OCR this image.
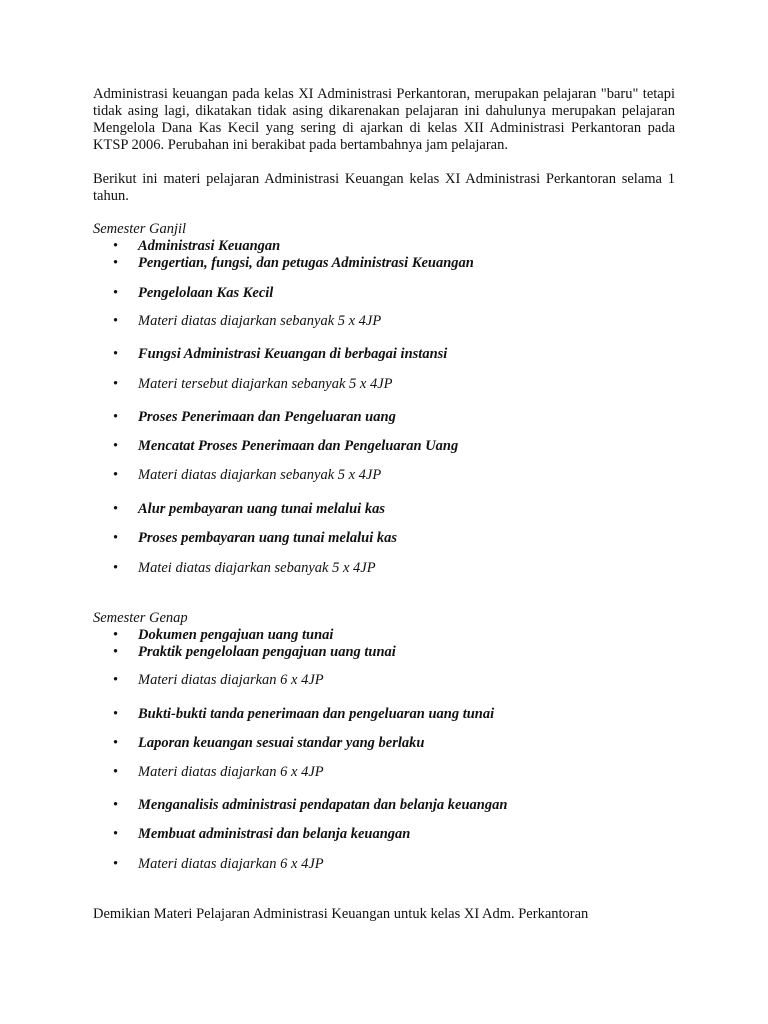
Administrasi keuangan pada kelas XI Administrasi Perkantoran, merupakan pelajaran "baru" tetapi tidak asing lagi, dikatakan tidak asing dikarenakan pelajaran ini dahulunya merupakan pelajaran Mengelola Dana Kas Kecil yang sering di ajarkan di kelas XII Administrasi Perkantoran pada KTSP 2006. Perubahan ini berakibat pada bertambahnya jam pelajaran.

Berikut ini materi pelajaran Administrasi Keuangan kelas XI Administrasi Perkantoran selama 1 tahun.

Semester Ganjil
• Administrasi Keuangan
• Pengertian, fungsi, dan petugas Administrasi Keuangan
• Pengelolaan Kas Kecil
• Materi diatas diajarkan sebanyak 5 x 4JP
• Fungsi Administrasi Keuangan di berbagai instansi
• Materi tersebut diajarkan sebanyak 5 x 4JP
• Proses Penerimaan dan Pengeluaran uang
• Mencatat Proses Penerimaan dan Pengeluaran Uang
• Materi diatas diajarkan sebanyak 5 x 4JP
• Alur pembayaran uang tunai melalui kas
• Proses pembayaran uang tunai melalui kas
• Matei diatas diajarkan sebanyak 5 x 4JP
Semester Genap
• Dokumen pengajuan uang tunai
• Praktik pengelolaan pengajuan uang tunai
• Materi diatas diajarkan 6 x 4JP
• Bukti-bukti tanda penerimaan dan pengeluaran uang tunai
• Laporan keuangan sesuai standar yang berlaku
• Materi diatas diajarkan 6 x 4JP
• Menganalisis administrasi pendapatan dan belanja keuangan
• Membuat administrasi dan belanja keuangan
• Materi diatas diajarkan 6 x 4JP

Demikian Materi Pelajaran Administrasi Keuangan untuk kelas XI Adm. Perkantoran
